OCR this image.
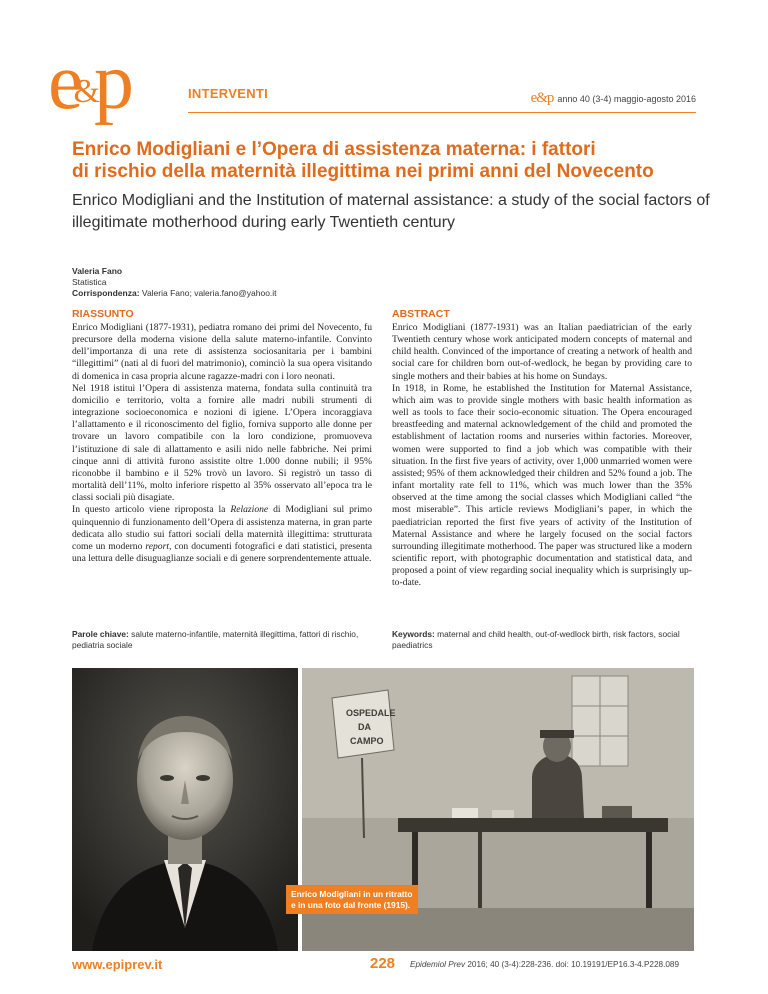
e&p	INTERVENTI	e&p anno 40 (3-4) maggio-agosto 2016
Enrico Modigliani e l’Opera di assistenza materna: i fattori
di rischio della maternità illegittima nei primi anni del Novecento
Enrico Modigliani and the Institution of maternal assistance: a study of the social factors of illegitimate motherhood during early Twentieth century
Valeria Fano
Statistica
Corrispondenza: Valeria Fano; valeria.fano@yahoo.it
RIASSUNTO

Enrico Modigliani (1877-1931), pediatra romano dei primi del Novecento, fu precursore della moderna visione della salute materno-infantile. Convinto dell’importanza di una rete di assistenza sociosanitaria per i bambini “illegittimi” (nati al di fuori del matrimonio), cominciò la sua opera visitando di domenica in casa propria alcune ragazze-madri con i loro neonati.

Nel 1918 istituì l’Opera di assistenza materna, fondata sulla continuità tra domicilio e territorio, volta a fornire alle madri nubili strumenti di integrazione socioeconomica e nozioni di igiene. L’Opera incoraggiava l’allattamento e il riconoscimento del figlio, forniva supporto alle donne per trovare un lavoro compatibile con la loro condizione, promuoveva l’istituzione di sale di allattamento e asili nido nelle fabbriche. Nei primi cinque anni di attività furono assistite oltre 1.000 donne nubili; il 95% riconobbe il bambino e il 52% trovò un lavoro. Si registrò un tasso di mortalità dell’11%, molto inferiore rispetto al 35% osservato all’epoca tra le classi sociali più disagiate.

In questo articolo viene riproposta la Relazione di Modigliani sul primo quinquennio di funzionamento dell’Opera di assistenza materna, in gran parte dedicata allo studio sui fattori sociali della maternità illegittima: strutturata come un moderno report, con documenti fotografici e dati statistici, presenta una lettura delle disuguaglianze sociali e di genere sorprendentemente attuale.

ABSTRACT

Enrico Modigliani (1877-1931) was an Italian paediatrician of the early Twentieth century whose work anticipated modern concepts of maternal and child health. Convinced of the importance of creating a network of health and social care for children born out-of-wedlock, he began by providing care to single mothers and their babies at his home on Sundays.

In 1918, in Rome, he established the Institution for Maternal Assistance, which aim was to provide single mothers with basic health information as well as tools to face their socio-economic situation. The Opera encouraged breastfeeding and maternal acknowledgement of the child and promoted the establishment of lactation rooms and nurseries within factories. Moreover, women were supported to find a job which was compatible with their situation. In the first five years of activity, over 1,000 unmarried women were assisted; 95% of them acknowledged their children and 52% found a job. The infant mortality rate fell to 11%, which was much lower than the 35% observed at the time among the social classes which Modigliani called “the most miserable”. This article reviews Modigliani’s paper, in which the paediatrician reported the first five years of activity of the Institution of Maternal Assistance and where he largely focused on the social factors surrounding illegitimate motherhood. The paper was structured like a modern scientific report, with photographic documentation and statistical data, and proposed a point of view regarding social inequality which is surprisingly up-to-date.

Parole chiave: salute materno-infantile, maternità illegittima, fattori di rischio, pediatria sociale
Keywords: maternal and child health, out-of-wedlock birth, risk factors, social paediatrics
OSPEDALE
DA
CAMPO
Enrico Modigliani in un ritratto e in una foto dal fronte (1915).
www.epiprev.it	228 Epidemiol Prev 2016; 40 (3-4):228-236. doi: 10.19191/EP16.3-4.P228.089
